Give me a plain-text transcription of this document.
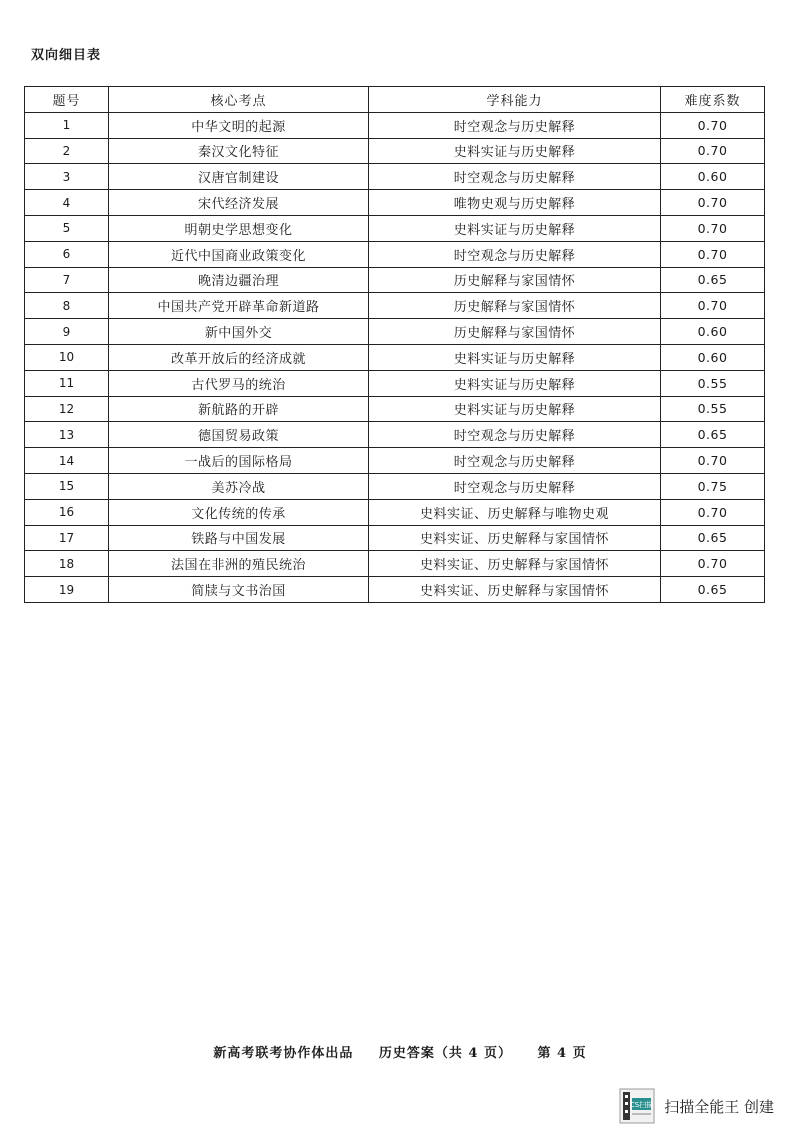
双向细目表
题号	核心考点	学科能力	难度系数
1	中华文明的起源	时空观念与历史解释	0.70
2	秦汉文化特征	史料实证与历史解释	0.70
3	汉唐官制建设	时空观念与历史解释	0.60
4	宋代经济发展	唯物史观与历史解释	0.70
5	明朝史学思想变化	史料实证与历史解释	0.70
6	近代中国商业政策变化	时空观念与历史解释	0.70
7	晚清边疆治理	历史解释与家国情怀	0.65
8	中国共产党开辟革命新道路	历史解释与家国情怀	0.70
9	新中国外交	历史解释与家国情怀	0.60
10	改革开放后的经济成就	史料实证与历史解释	0.60
11	古代罗马的统治	史料实证与历史解释	0.55
12	新航路的开辟	史料实证与历史解释	0.55
13	德国贸易政策	时空观念与历史解释	0.65
14	一战后的国际格局	时空观念与历史解释	0.70
15	美苏冷战	时空观念与历史解释	0.75
16	文化传统的传承	史料实证、历史解释与唯物史观	0.70
17	铁路与中国发展	史料实证、历史解释与家国情怀	0.65
18	法国在非洲的殖民统治	史料实证、历史解释与家国情怀	0.70
19	简牍与文书治国	史料实证、历史解释与家国情怀	0.65
新高考联考协作体出品 历史答案（共 4 页） 第 4 页
CS扫描 扫描全能王 创建
